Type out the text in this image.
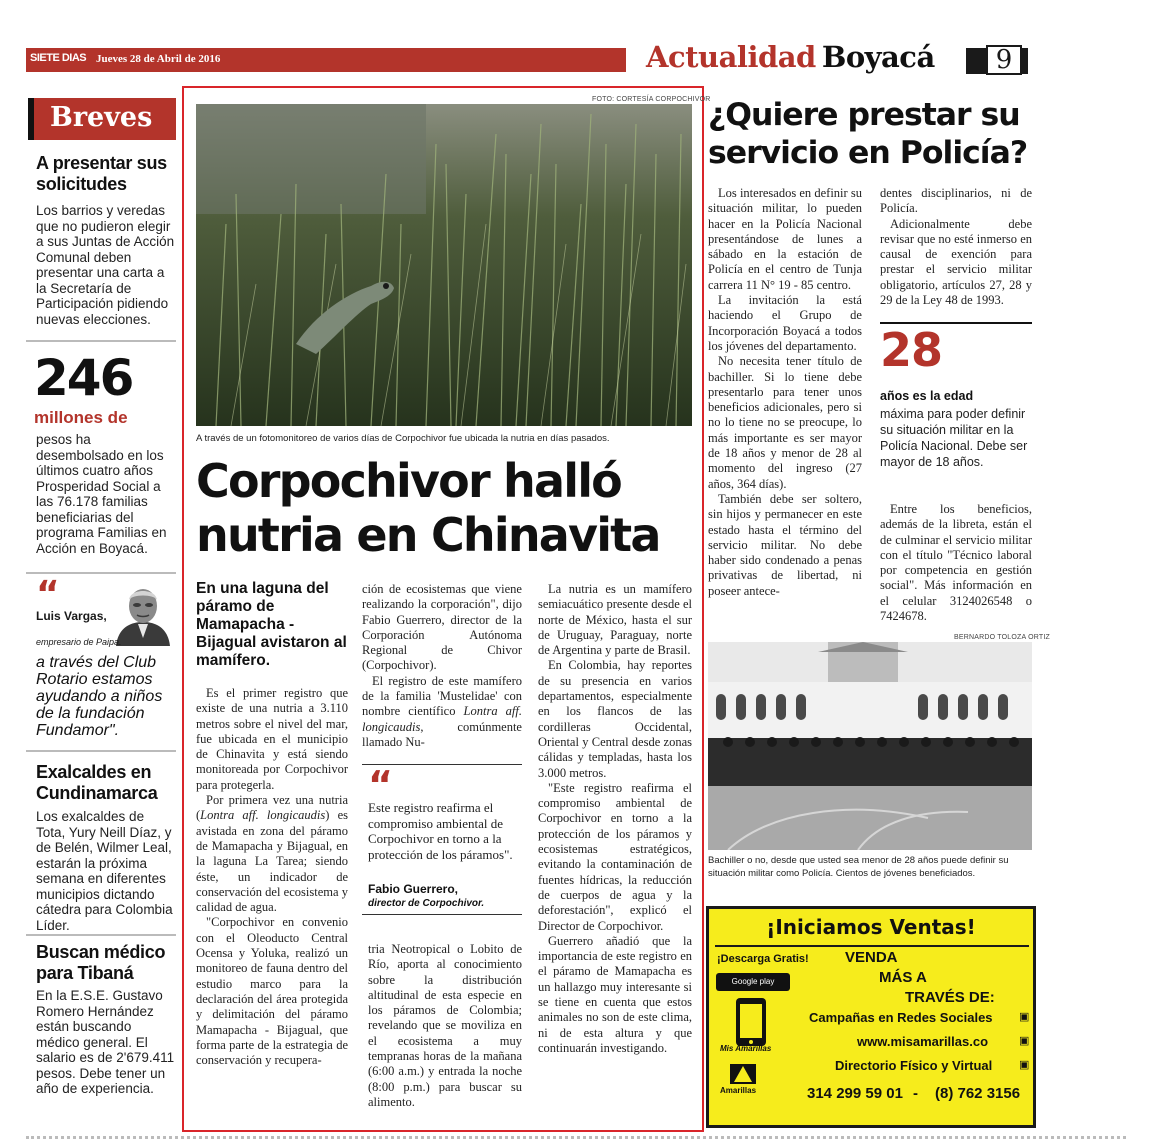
SIETE DIAS Jueves 28 de Abril de 2016	Actualidad Boyacá	9
Breves
A presentar sus solicitudes
Los barrios y veredas que no pudieron elegir a sus Juntas de Acción Comunal deben presentar una carta a la Secretaría de Participación pidiendo nuevas elecciones.
246
millones de
pesos ha desembolsado en los últimos cuatro años Prosperidad Social a las 76.178 familias beneficiarias del programa Familias en Acción en Boyacá.
“
Luis Vargas,
empresario de Paipa.
a través del Club Rotario estamos ayudando a niños de la fundación Fundamor".
Exalcaldes en Cundinamarca
Los exalcaldes de Tota, Yury Neill Díaz, y de Belén, Wilmer Leal, estarán la próxima semana en diferentes municipios dictando cátedra para Colombia Líder.
Buscan médico para Tibaná
En la E.S.E. Gustavo Romero Hernández están buscando médico general. El salario es de 2'679.411 pesos. Debe tener un año de experiencia.
FOTO: CORTESÍA CORPOCHIVOR
A través de un fotomonitoreo de varios días de Corpochivor fue ubicada la nutria en días pasados.
Corpochivor halló nutria en Chinavita
En una laguna del páramo de Mamapacha - Bijagual avistaron al mamífero.

Es el primer registro que existe de una nutria a 3.110 metros sobre el nivel del mar, fue ubicada en el municipio de Chinavita y está siendo monitoreada por Corpochivor para protegerla.

Por primera vez una nutria (Lontra aff. longicaudis) es avistada en zona del páramo de Mamapacha y Bijagual, en la laguna La Tarea; siendo éste, un indicador de conservación del ecosistema y calidad de agua.

"Corpochivor en convenio con el Oleoducto Central Ocensa y Yoluka, realizó un monitoreo de fauna dentro del estudio marco para la declaración del área protegida y delimitación del páramo Mamapacha - Bijagual, que forma parte de la estrategia de conservación y recupera-

ción de ecosistemas que viene realizando la corporación", dijo Fabio Guerrero, director de la Corporación Autónoma Regional de Chivor (Corpochivor).

El registro de este mamífero de la familia 'Mustelidae' con nombre científico Lontra aff. longicaudis, comúnmente llamado Nu-

“
Este registro reafirma el compromiso ambiental de Corpochivor en torno a la protección de los páramos".
Fabio Guerrero,
director de Corpochivor.

tria Neotropical o Lobito de Río, aporta al conocimiento sobre la distribución altitudinal de esta especie en los páramos de Colombia; revelando que se moviliza en el ecosistema a muy tempranas horas de la mañana (6:00 a.m.) y entrada la noche (8:00 p.m.) para buscar su alimento.

La nutria es un mamífero semiacuático presente desde el norte de México, hasta el sur de Uruguay, Paraguay, norte de Argentina y parte de Brasil.

En Colombia, hay reportes de su presencia en varios departamentos, especialmente en los flancos de las cordilleras Occidental, Oriental y Central desde zonas cálidas y templadas, hasta los 3.000 metros.

"Este registro reafirma el compromiso ambiental de Corpochivor en torno a la protección de los páramos y ecosistemas estratégicos, evitando la contaminación de fuentes hídricas, la reducción de cuerpos de agua y la deforestación", explicó el Director de Corpochivor.

Guerrero añadió que la importancia de este registro en el páramo de Mamapacha es un hallazgo muy interesante si se tiene en cuenta que estos animales no son de este clima, ni de esta altura y que continuarán investigando.

¿Quiere prestar su servicio en Policía?

Los interesados en definir su situación militar, lo pueden hacer en la Policía Nacional presentándose de lunes a sábado en la estación de Policía en el centro de Tunja carrera 11 N° 19 - 85 centro.

La invitación la está haciendo el Grupo de Incorporación Boyacá a todos los jóvenes del departamento.

No necesita tener título de bachiller. Si lo tiene debe presentarlo para tener unos beneficios adicionales, pero si no lo tiene no se preocupe, lo más importante es ser mayor de 18 años y menor de 28 al momento del ingreso (27 años, 364 días).

También debe ser soltero, sin hijos y permanecer en este estado hasta el término del servicio militar. No debe haber sido condenado a penas privativas de libertad, ni poseer antece-

dentes disciplinarios, ni de Policía.

Adicionalmente debe revisar que no esté inmerso en causal de exención para prestar el servicio militar obligatorio, artículos 27, 28 y 29 de la Ley 48 de 1993.

28
años es la edad
máxima para poder definir su situación militar en la Policía Nacional. Debe ser mayor de 18 años.

Entre los beneficios, además de la libreta, están el de culminar el servicio militar con el título "Técnico laboral por competencia en gestión social". Más información en el celular 3124026548 o 7424678.

BERNARDO TOLOZA ORTIZ
Bachiller o no, desde que usted sea menor de 28 años puede definir su situación militar como Policía. Cientos de jóvenes beneficiados.
¡Iniciamos Ventas!
¡Descarga Gratis! VENDA
MÁS A
TRAVÉS DE:
Campañas en Redes Sociales
www.misamarillas.co
Directorio Físico y Virtual
▣
▣
▣
314 299 59 01 - (8) 762 3156
Google play
Mis Amarillas
Amarillas
